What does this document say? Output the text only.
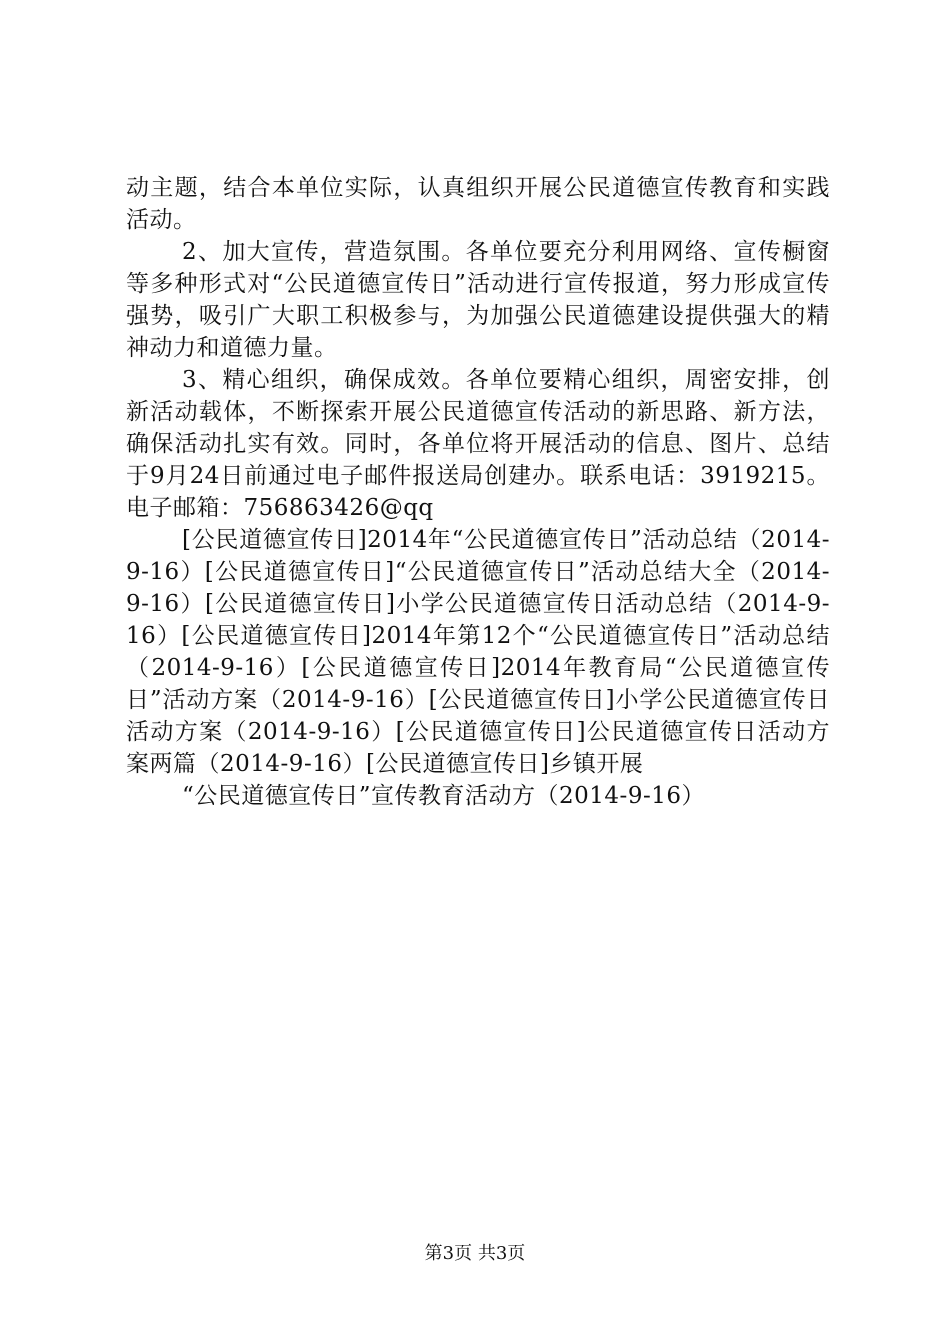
动主题，结合本单位实际，认真组织开展公民道德宣传教育和实践活动。

2、加大宣传，营造氛围。各单位要充分利用网络、宣传橱窗等多种形式对“公民道德宣传日”活动进行宣传报道，努力形成宣传强势，吸引广大职工积极参与，为加强公民道德建设提供强大的精神动力和道德力量。

3、精心组织，确保成效。各单位要精心组织，周密安排，创新活动载体，不断探索开展公民道德宣传活动的新思路、新方法，确保活动扎实有效。同时，各单位将开展活动的信息、图片、总结于9月24日前通过电子邮件报送局创建办。联系电话：3919215。电子邮箱：756863426@qq

[公民道德宣传日]2014年“公民道德宣传日”活动总结（2014-9-16）[公民道德宣传日]“公民道德宣传日”活动总结大全（2014-9-16）[公民道德宣传日]小学公民道德宣传日活动总结（2014-9-16）[公民道德宣传日]2014年第12个“公民道德宣传日”活动总结（2014-9-16）[公民道德宣传日]2014年教育局“公民道德宣传日”活动方案（2014-9-16）[公民道德宣传日]小学公民道德宣传日活动方案（2014-9-16）[公民道德宣传日]公民道德宣传日活动方案两篇（2014-9-16）[公民道德宣传日]乡镇开展

“公民道德宣传日”宣传教育活动方（2014-9-16）

第3页 共3页
